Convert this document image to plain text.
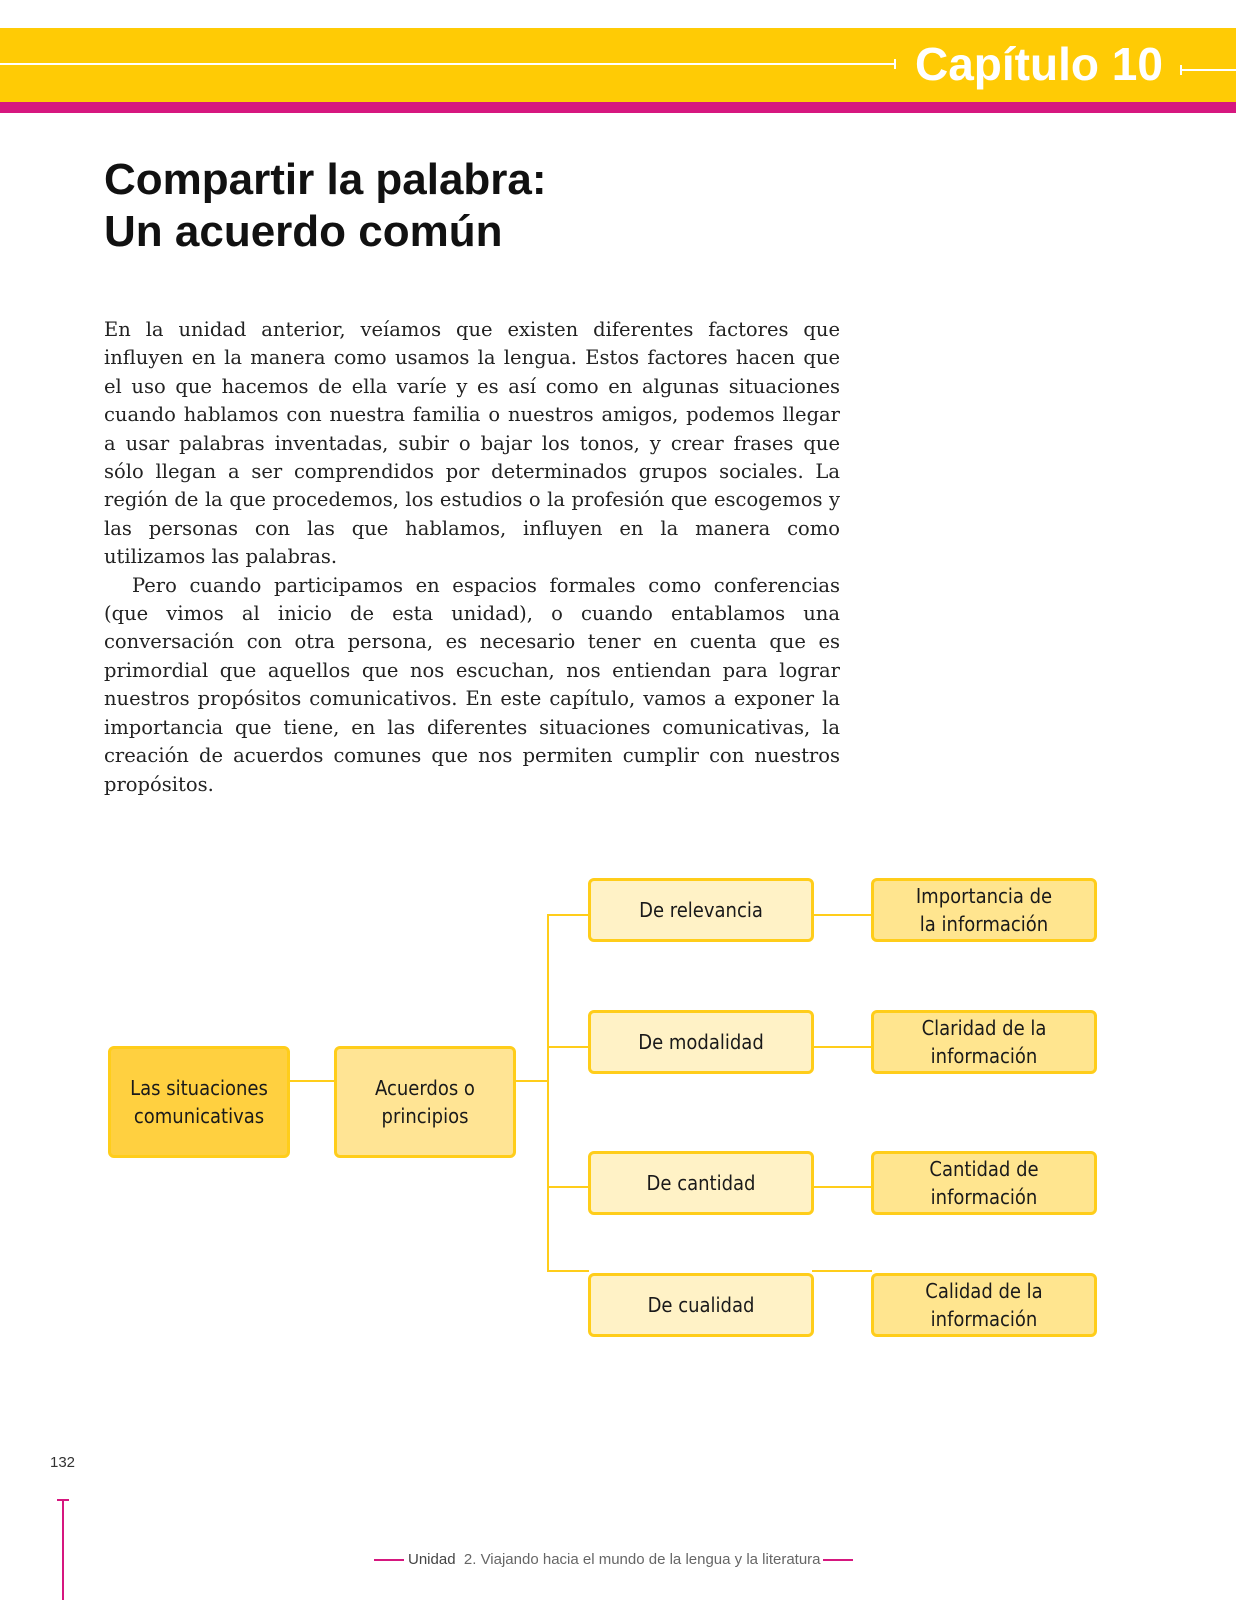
Capítulo 10
Compartir la palabra:
Un acuerdo común

En la unidad anterior, veíamos que existen diferentes factores que influyen en la manera como usamos la lengua. Estos factores hacen que el uso que hacemos de ella varíe y es así como en algunas situaciones cuando hablamos con nuestra familia o nuestros amigos, podemos llegar a usar palabras inventadas, subir o bajar los tonos, y crear frases que sólo llegan a ser comprendidos por determinados grupos sociales. La región de la que procedemos, los estudios o la profesión que escogemos y las personas con las que hablamos, influyen en la manera como utilizamos las palabras.

Pero cuando participamos en espacios formales como conferencias (que vimos al inicio de esta unidad), o cuando entablamos una conversación con otra persona, es necesario tener en cuenta que es primordial que aquellos que nos escuchan, nos entiendan para lograr nuestros propósitos comunicativos. En este capítulo, vamos a exponer la importancia que tiene, en las diferentes situaciones comunicativas, la creación de acuerdos comunes que nos permiten cumplir con nuestros propósitos.

Las situaciones
comunicativas
Acuerdos o
principios
De relevancia
De modalidad
De cantidad
De cualidad
Importancia de
la información
Claridad de la
información
Cantidad de
información
Calidad de la
información
132
Unidad 2. Viajando hacia el mundo de la lengua y la literatura
